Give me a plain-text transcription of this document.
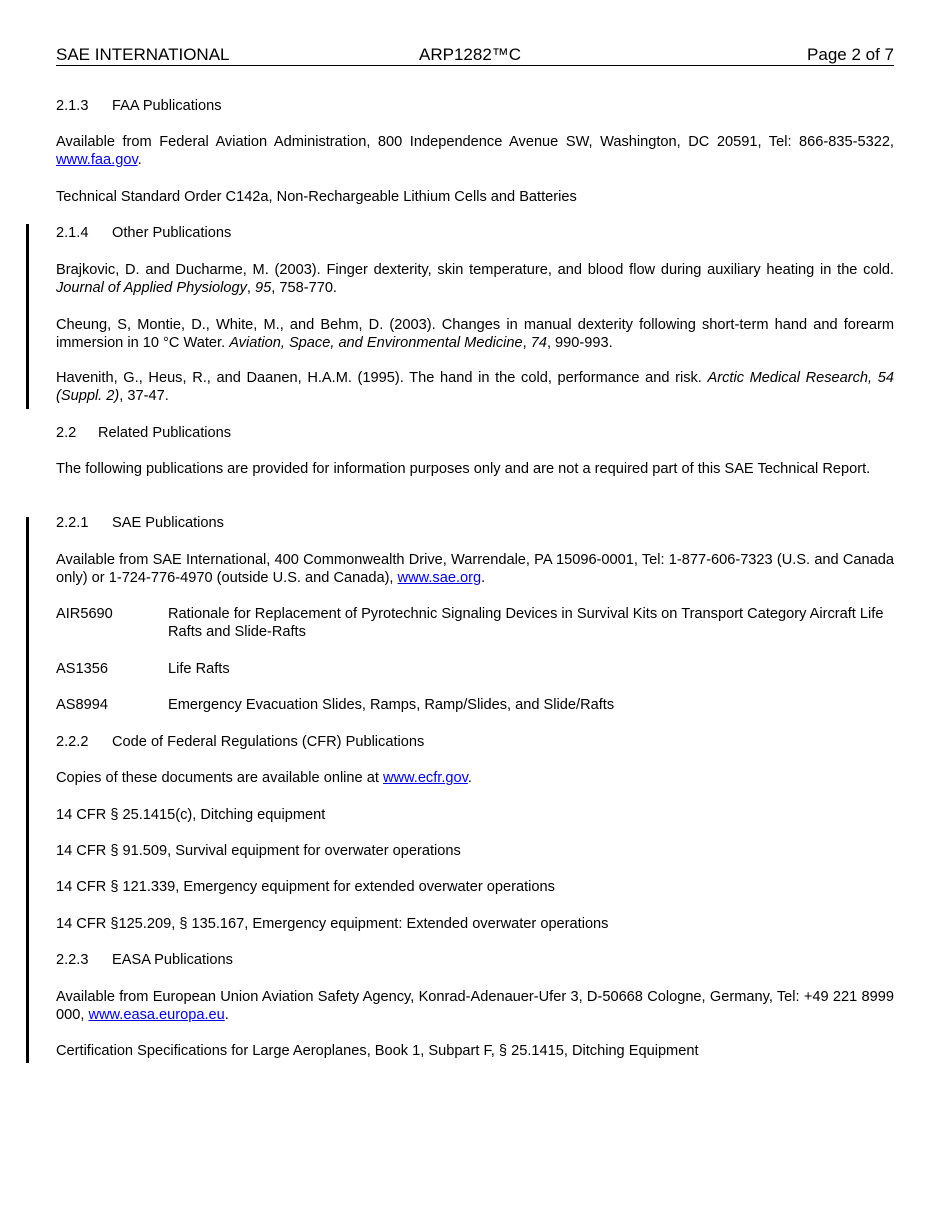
SAE INTERNATIONAL	ARP1282™C	Page 2 of 7
2.1.3 FAA Publications
Available from Federal Aviation Administration, 800 Independence Avenue SW, Washington, DC 20591, Tel: 866-835-5322, www.faa.gov.
Technical Standard Order C142a, Non-Rechargeable Lithium Cells and Batteries
2.1.4 Other Publications
Brajkovic, D. and Ducharme, M. (2003). Finger dexterity, skin temperature, and blood flow during auxiliary heating in the cold. Journal of Applied Physiology, 95, 758-770.
Cheung, S, Montie, D., White, M., and Behm, D. (2003). Changes in manual dexterity following short-term hand and forearm immersion in 10 °C Water. Aviation, Space, and Environmental Medicine, 74, 990-993.
Havenith, G., Heus, R., and Daanen, H.A.M. (1995). The hand in the cold, performance and risk. Arctic Medical Research, 54 (Suppl. 2), 37-47.
2.2 Related Publications
The following publications are provided for information purposes only and are not a required part of this SAE Technical Report.
2.2.1 SAE Publications
Available from SAE International, 400 Commonwealth Drive, Warrendale, PA 15096-0001, Tel: 1-877-606-7323 (U.S. and Canada only) or 1-724-776-4970 (outside U.S. and Canada), www.sae.org.
AIR5690	Rationale for Replacement of Pyrotechnic Signaling Devices in Survival Kits on Transport Category Aircraft Life Rafts and Slide-Rafts
AS1356	Life Rafts
AS8994	Emergency Evacuation Slides, Ramps, Ramp/Slides, and Slide/Rafts
2.2.2 Code of Federal Regulations (CFR) Publications
Copies of these documents are available online at www.ecfr.gov.
14 CFR § 25.1415(c), Ditching equipment
14 CFR § 91.509, Survival equipment for overwater operations
14 CFR § 121.339, Emergency equipment for extended overwater operations
14 CFR §125.209, § 135.167, Emergency equipment: Extended overwater operations
2.2.3 EASA Publications
Available from European Union Aviation Safety Agency, Konrad-Adenauer-Ufer 3, D-50668 Cologne, Germany, Tel: +49 221 8999 000, www.easa.europa.eu.
Certification Specifications for Large Aeroplanes, Book 1, Subpart F, § 25.1415, Ditching Equipment
